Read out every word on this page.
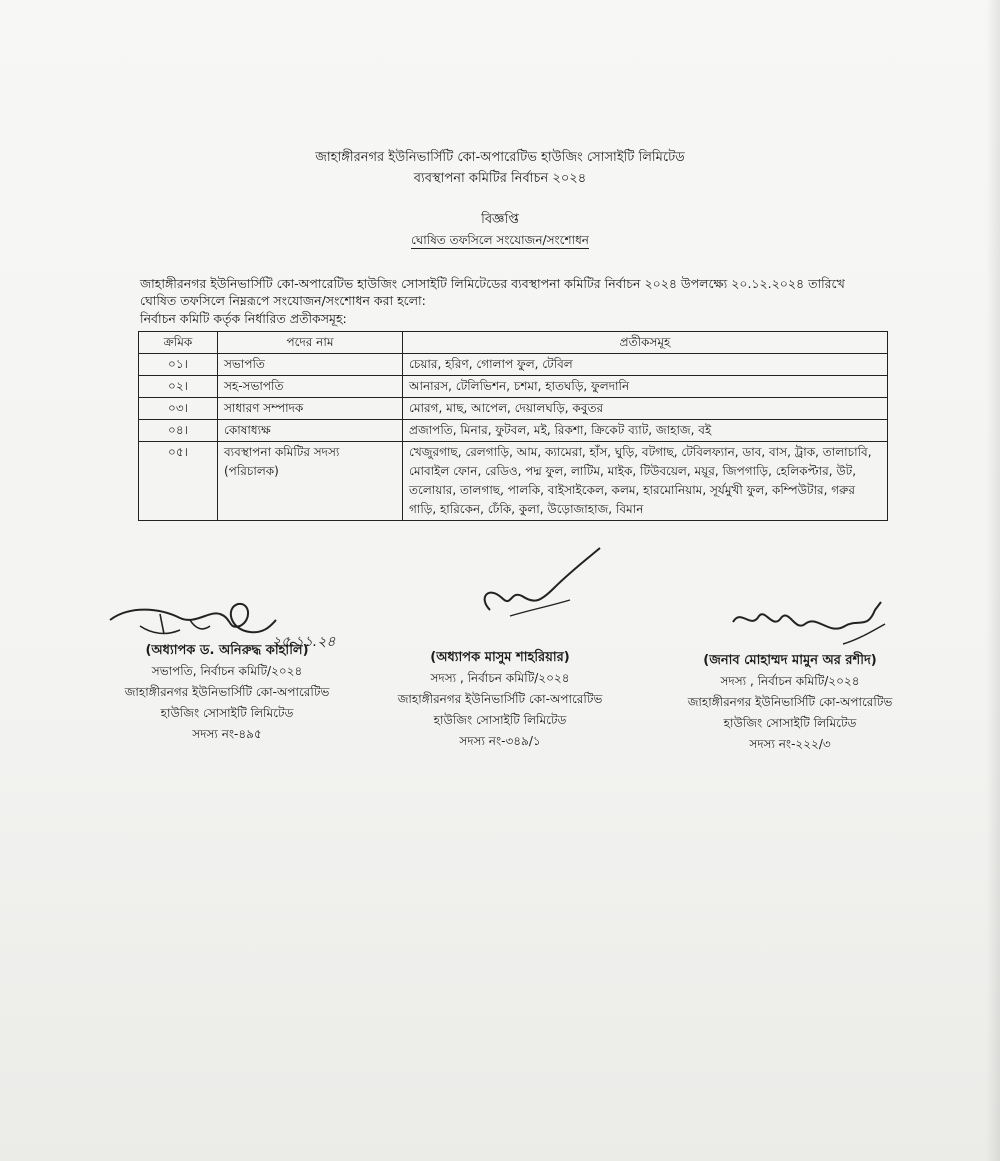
জাহাঙ্গীরনগর ইউনিভার্সিটি কো-অপারেটিভ হাউজিং সোসাইটি লিমিটেড
ব্যবস্থাপনা কমিটির নির্বাচন ২০২৪
বিজ্ঞপ্তি
ঘোষিত তফসিলে সংযোজন/সংশোধন
জাহাঙ্গীরনগর ইউনিভার্সিটি কো-অপারেটিভ হাউজিং সোসাইটি লিমিটেডের ব্যবস্থাপনা কমিটির নির্বাচন ২০২৪ উপলক্ষ্যে ২০.১২.২০২৪ তারিখে ঘোষিত তফসিলে নিম্নরূপে সংযোজন/সংশোধন করা হলো:
নির্বাচন কমিটি কর্তৃক নির্ধারিত প্রতীকসমূহ:
ক্রমিক	পদের নাম	প্রতীকসমূহ
০১।	সভাপতি	চেয়ার, হরিণ, গোলাপ ফুল, টেবিল
০২।	সহ-সভাপতি	আনারস, টেলিভিশন, চশমা, হাতঘড়ি, ফুলদানি
০৩।	সাধারণ সম্পাদক	মোরগ, মাছ, আপেল, দেয়ালঘড়ি, কবুতর
০৪।	কোষাধ্যক্ষ	প্রজাপতি, মিনার, ফুটবল, মই, রিকশা, ক্রিকেট ব্যাট, জাহাজ, বই
০৫।	ব্যবস্থাপনা কমিটির সদস্য (পরিচালক)	খেজুরগাছ, রেলগাড়ি, আম, ক্যামেরা, হাঁস, ঘুড়ি, বটগাছ, টেবিলফ্যান, ডাব, বাস, ট্রাক, তালাচাবি, মোবাইল ফোন, রেডিও, পদ্ম ফুল, লাটিম, মাইক, টিউবয়েল, ময়ূর, জিপগাড়ি, হেলিকপ্টার, উট, তলোয়ার, তালগাছ, পালকি, বাইসাইকেল, কলম, হারমোনিয়াম, সূর্যমুখী ফুল, কম্পিউটার, গরুর গাড়ি, হারিকেন, ঢেঁকি, কুলা, উড়োজাহাজ, বিমান
২৫.১১.২৪
(অধ্যাপক ড. অনিরুদ্ধ কাহালি)
সভাপতি, নির্বাচন কমিটি/২০২৪
জাহাঙ্গীরনগর ইউনিভার্সিটি কো-অপারেটিভ
হাউজিং সোসাইটি লিমিটেড
সদস্য নং-৪৯৫
(অধ্যাপক মাসুম শাহরিয়ার)
সদস্য , নির্বাচন কমিটি/২০২৪
জাহাঙ্গীরনগর ইউনিভার্সিটি কো-অপারেটিভ
হাউজিং সোসাইটি লিমিটেড
সদস্য নং-৩৪৯/১
(জনাব মোহাম্মদ মামুন অর রশীদ)
সদস্য , নির্বাচন কমিটি/২০২৪
জাহাঙ্গীরনগর ইউনিভার্সিটি কো-অপারেটিভ
হাউজিং সোসাইটি লিমিটেড
সদস্য নং-২২২/৩
